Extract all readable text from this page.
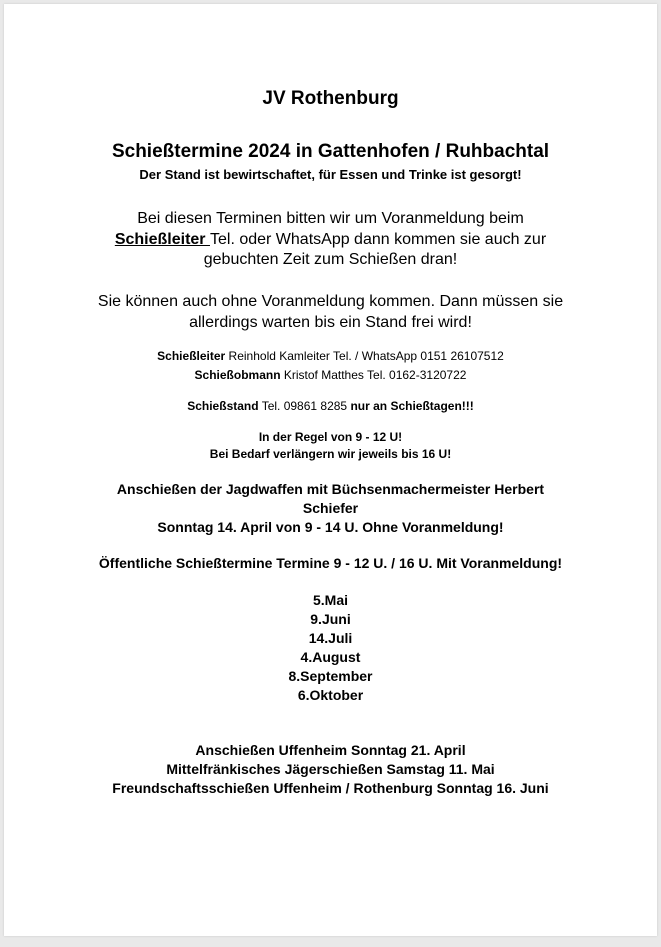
JV Rothenburg
Schießtermine 2024 in Gattenhofen / Ruhbachtal
Der Stand ist bewirtschaftet, für Essen und Trinke ist gesorgt!
Bei diesen Terminen bitten wir um Voranmeldung beim
Schießleiter Tel. oder WhatsApp dann kommen sie auch zur
gebuchten Zeit zum Schießen dran!
Sie können auch ohne Voranmeldung kommen. Dann müssen sie
allerdings warten bis ein Stand frei wird!
Schießleiter Reinhold Kamleiter Tel. / WhatsApp 0151 26107512
Schießobmann Kristof Matthes Tel. 0162-3120722
Schießstand Tel. 09861 8285 nur an Schießtagen!!!
In der Regel von 9 - 12 U!
Bei Bedarf verlängern wir jeweils bis 16 U!
Anschießen der Jagdwaffen mit Büchsenmachermeister Herbert
Schiefer
Sonntag 14. April von 9 - 14 U. Ohne Voranmeldung!
Öffentliche Schießtermine Termine 9 - 12 U. / 16 U. Mit Voranmeldung!
5.Mai
9.Juni
14.Juli
4.August
8.September
6.Oktober
Anschießen Uffenheim Sonntag 21. April
Mittelfränkisches Jägerschießen Samstag 11. Mai
Freundschaftsschießen Uffenheim / Rothenburg Sonntag 16. Juni
